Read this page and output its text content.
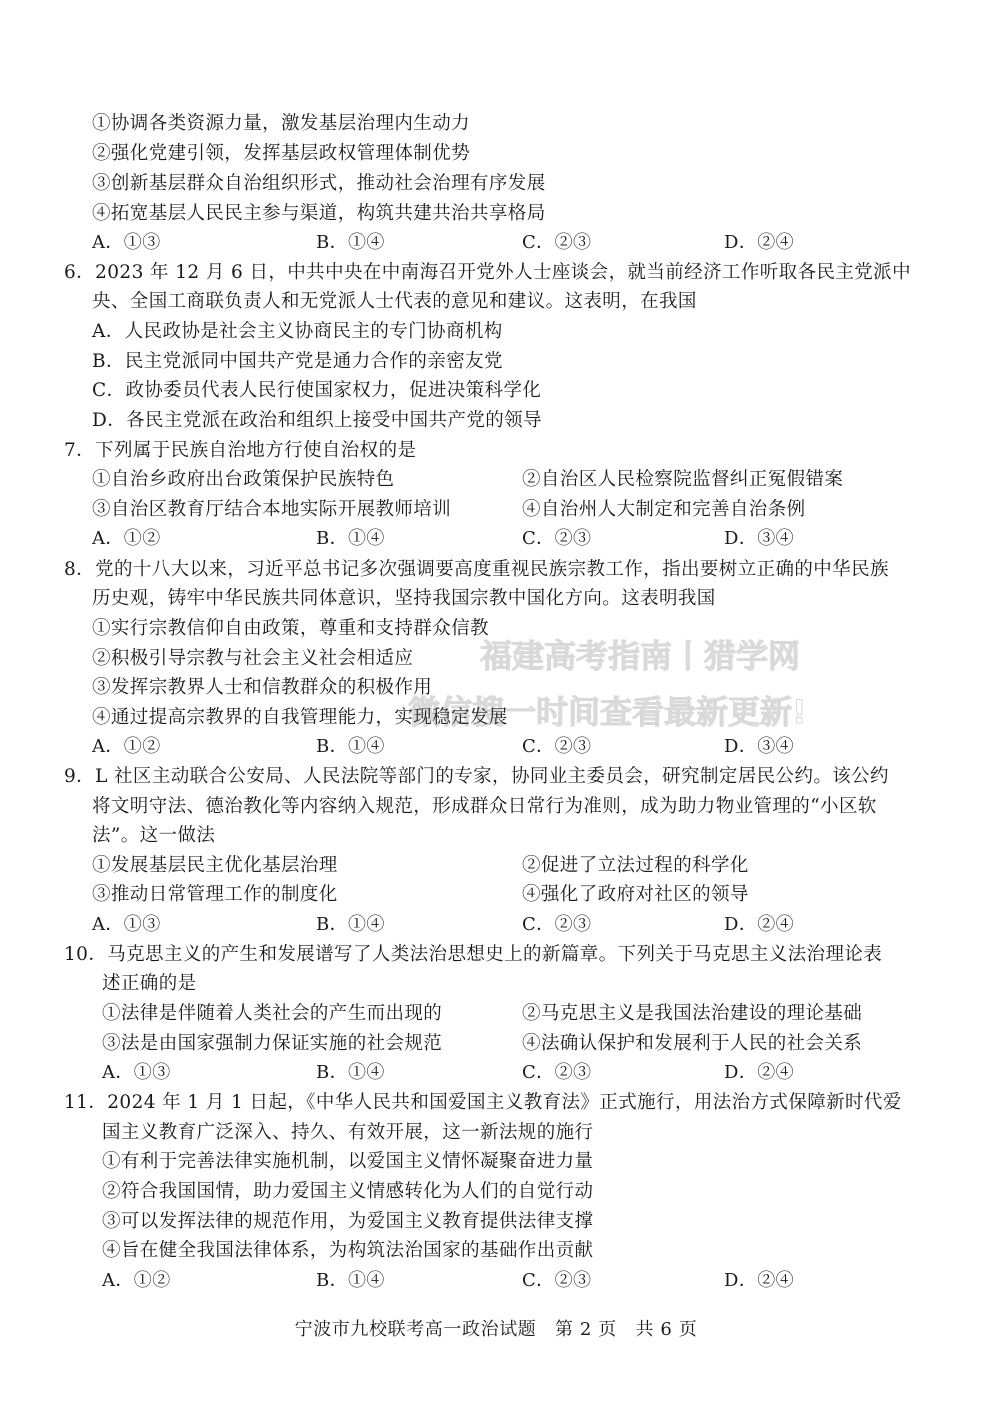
①协调各类资源力量，激发基层治理内生动力
②强化党建引领，发挥基层政权管理体制优势
③创新基层群众自治组织形式，推动社会治理有序发展
④拓宽基层人民民主参与渠道，构筑共建共治共享格局
A．①③	B．①④	C．②③	D．②④
6．2023 年 12 月 6 日，中共中央在中南海召开党外人士座谈会，就当前经济工作听取各民主党派中
央、全国工商联负责人和无党派人士代表的意见和建议。这表明，在我国
A．人民政协是社会主义协商民主的专门协商机构
B．民主党派同中国共产党是通力合作的亲密友党
C．政协委员代表人民行使国家权力，促进决策科学化
D．各民主党派在政治和组织上接受中国共产党的领导
7．下列属于民族自治地方行使自治权的是
①自治乡政府出台政策保护民族特色	②自治区人民检察院监督纠正冤假错案
③自治区教育厅结合本地实际开展教师培训	④自治州人大制定和完善自治条例
A．①②	B．①④	C．②③	D．③④
8．党的十八大以来，习近平总书记多次强调要高度重视民族宗教工作，指出要树立正确的中华民族
历史观，铸牢中华民族共同体意识，坚持我国宗教中国化方向。这表明我国
①实行宗教信仰自由政策，尊重和支持群众信教
②积极引导宗教与社会主义社会相适应
③发挥宗教界人士和信教群众的积极作用
④通过提高宗教界的自我管理能力，实现稳定发展
A．①②	B．①④	C．②③	D．③④
9．L 社区主动联合公安局、人民法院等部门的专家，协同业主委员会，研究制定居民公约。该公约
将文明守法、德治教化等内容纳入规范，形成群众日常行为准则，成为助力物业管理的“小区软
法”。这一做法
①发展基层民主优化基层治理	②促进了立法过程的科学化
③推动日常管理工作的制度化	④强化了政府对社区的领导
A．①③	B．①④	C．②③	D．②④
10．马克思主义的产生和发展谱写了人类法治思想史上的新篇章。下列关于马克思主义法治理论表
述正确的是
①法律是伴随着人类社会的产生而出现的	②马克思主义是我国法治建设的理论基础
③法是由国家强制力保证实施的社会规范	④法确认保护和发展利于人民的社会关系
A．①③	B．①④	C．②③	D．②④
11．2024 年 1 月 1 日起，《中华人民共和国爱国主义教育法》正式施行，用法治方式保障新时代爱
国主义教育广泛深入、持久、有效开展，这一新法规的施行
①有利于完善法律实施机制，以爱国主义情怀凝聚奋进力量
②符合我国国情，助力爱国主义情感转化为人们的自觉行动
③可以发挥法律的规范作用，为爱国主义教育提供法律支撑
④旨在健全我国法律体系，为构筑法治国家的基础作出贡献
A．①②	B．①④	C．②③	D．②④
福建高考指南丨猎学网
微信搜一时间查看最新更新!
宁波市九校联考高一政治试题　第 2 页　共 6 页
